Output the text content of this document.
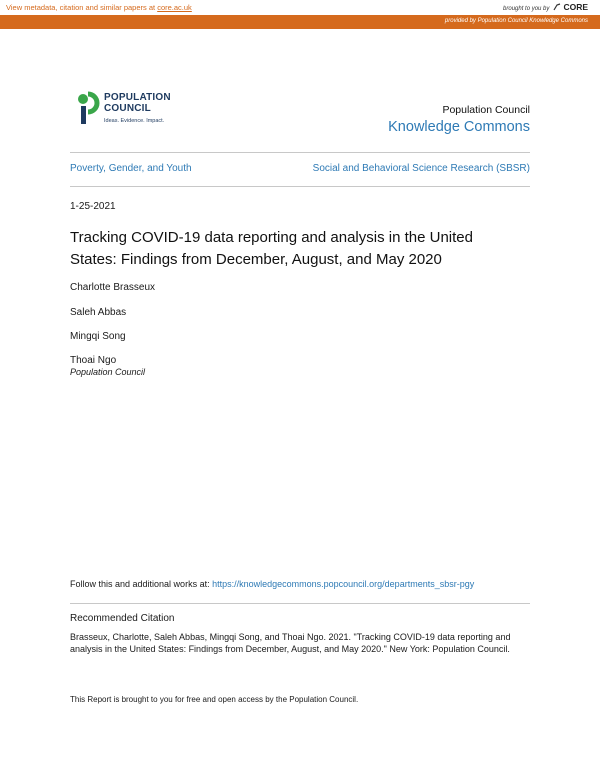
View metadata, citation and similar papers at core.ac.uk	brought to you by CORE
provided by Population Council Knowledge Commons
POPULATION
COUNCIL
Ideas. Evidence. Impact.
Population Council
Knowledge Commons
Poverty, Gender, and Youth	Social and Behavioral Science Research (SBSR)
1-25-2021
Tracking COVID-19 data reporting and analysis in the United States: Findings from December, August, and May 2020
Charlotte Brasseux
Saleh Abbas
Mingqi Song
Thoai Ngo
Population Council
Follow this and additional works at: https://knowledgecommons.popcouncil.org/departments_sbsr-pgy
Recommended Citation
Brasseux, Charlotte, Saleh Abbas, Mingqi Song, and Thoai Ngo. 2021. "Tracking COVID-19 data reporting and analysis in the United States: Findings from December, August, and May 2020." New York: Population Council.
This Report is brought to you for free and open access by the Population Council.
